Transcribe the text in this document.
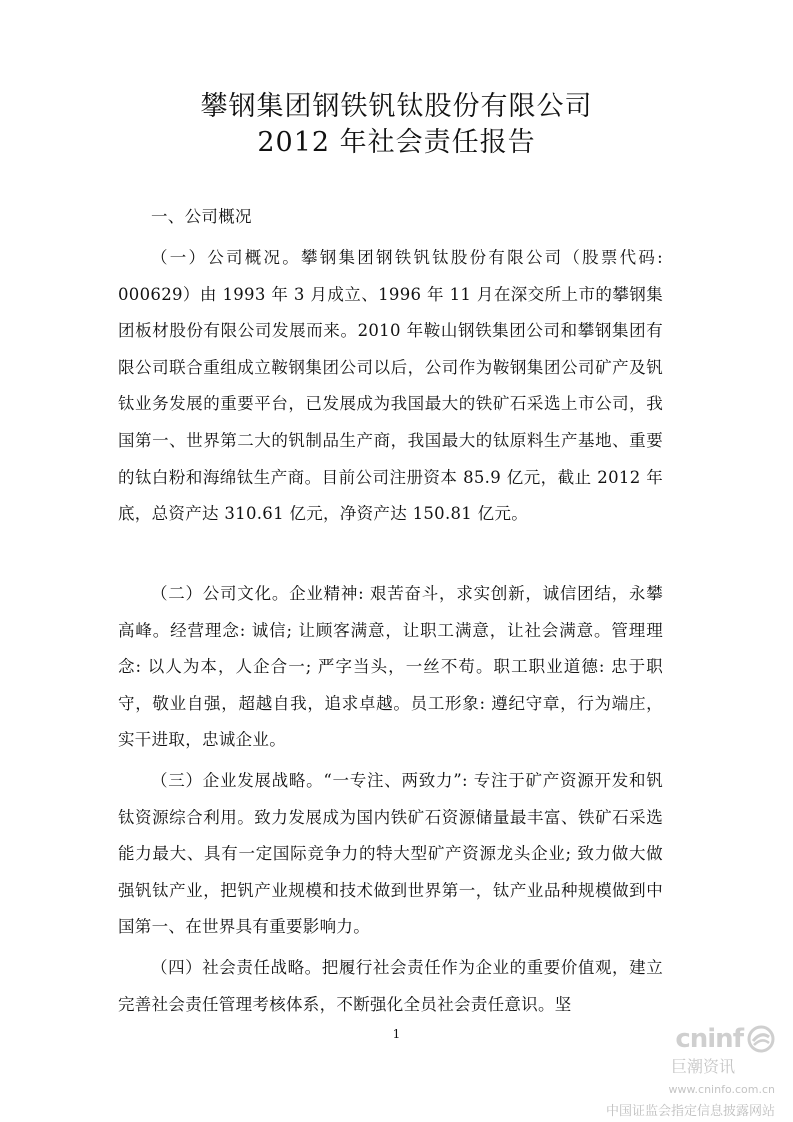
攀钢集团钢铁钒钛股份有限公司
2012 年社会责任报告

一、公司概况

（一）公司概况。攀钢集团钢铁钒钛股份有限公司（股票代码: 000629）由 1993 年 3 月成立、1996 年 11 月在深交所上市的攀钢集团板材股份有限公司发展而来。2010 年鞍山钢铁集团公司和攀钢集团有限公司联合重组成立鞍钢集团公司以后，公司作为鞍钢集团公司矿产及钒钛业务发展的重要平台，已发展成为我国最大的铁矿石采选上市公司，我国第一、世界第二大的钒制品生产商，我国最大的钛原料生产基地、重要的钛白粉和海绵钛生产商。目前公司注册资本 85.9 亿元，截止 2012 年底，总资产达 310.61 亿元，净资产达 150.81 亿元。

（二）公司文化。企业精神: 艰苦奋斗，求实创新，诚信团结，永攀高峰。经营理念: 诚信; 让顾客满意，让职工满意，让社会满意。管理理念: 以人为本，人企合一; 严字当头，一丝不苟。职工职业道德: 忠于职守，敬业自强，超越自我，追求卓越。员工形象: 遵纪守章，行为端庄，实干进取，忠诚企业。

（三）企业发展战略。“一专注、两致力”: 专注于矿产资源开发和钒钛资源综合利用。致力发展成为国内铁矿石资源储量最丰富、铁矿石采选能力最大、具有一定国际竞争力的特大型矿产资源龙头企业; 致力做大做强钒钛产业，把钒产业规模和技术做到世界第一，钛产业品种规模做到中国第一、在世界具有重要影响力。

（四）社会责任战略。把履行社会责任作为企业的重要价值观，建立完善社会责任管理考核体系，不断强化全员社会责任意识。坚

1	cninf
巨潮资讯
www.cninfo.com.cn
中国证监会指定信息披露网站
